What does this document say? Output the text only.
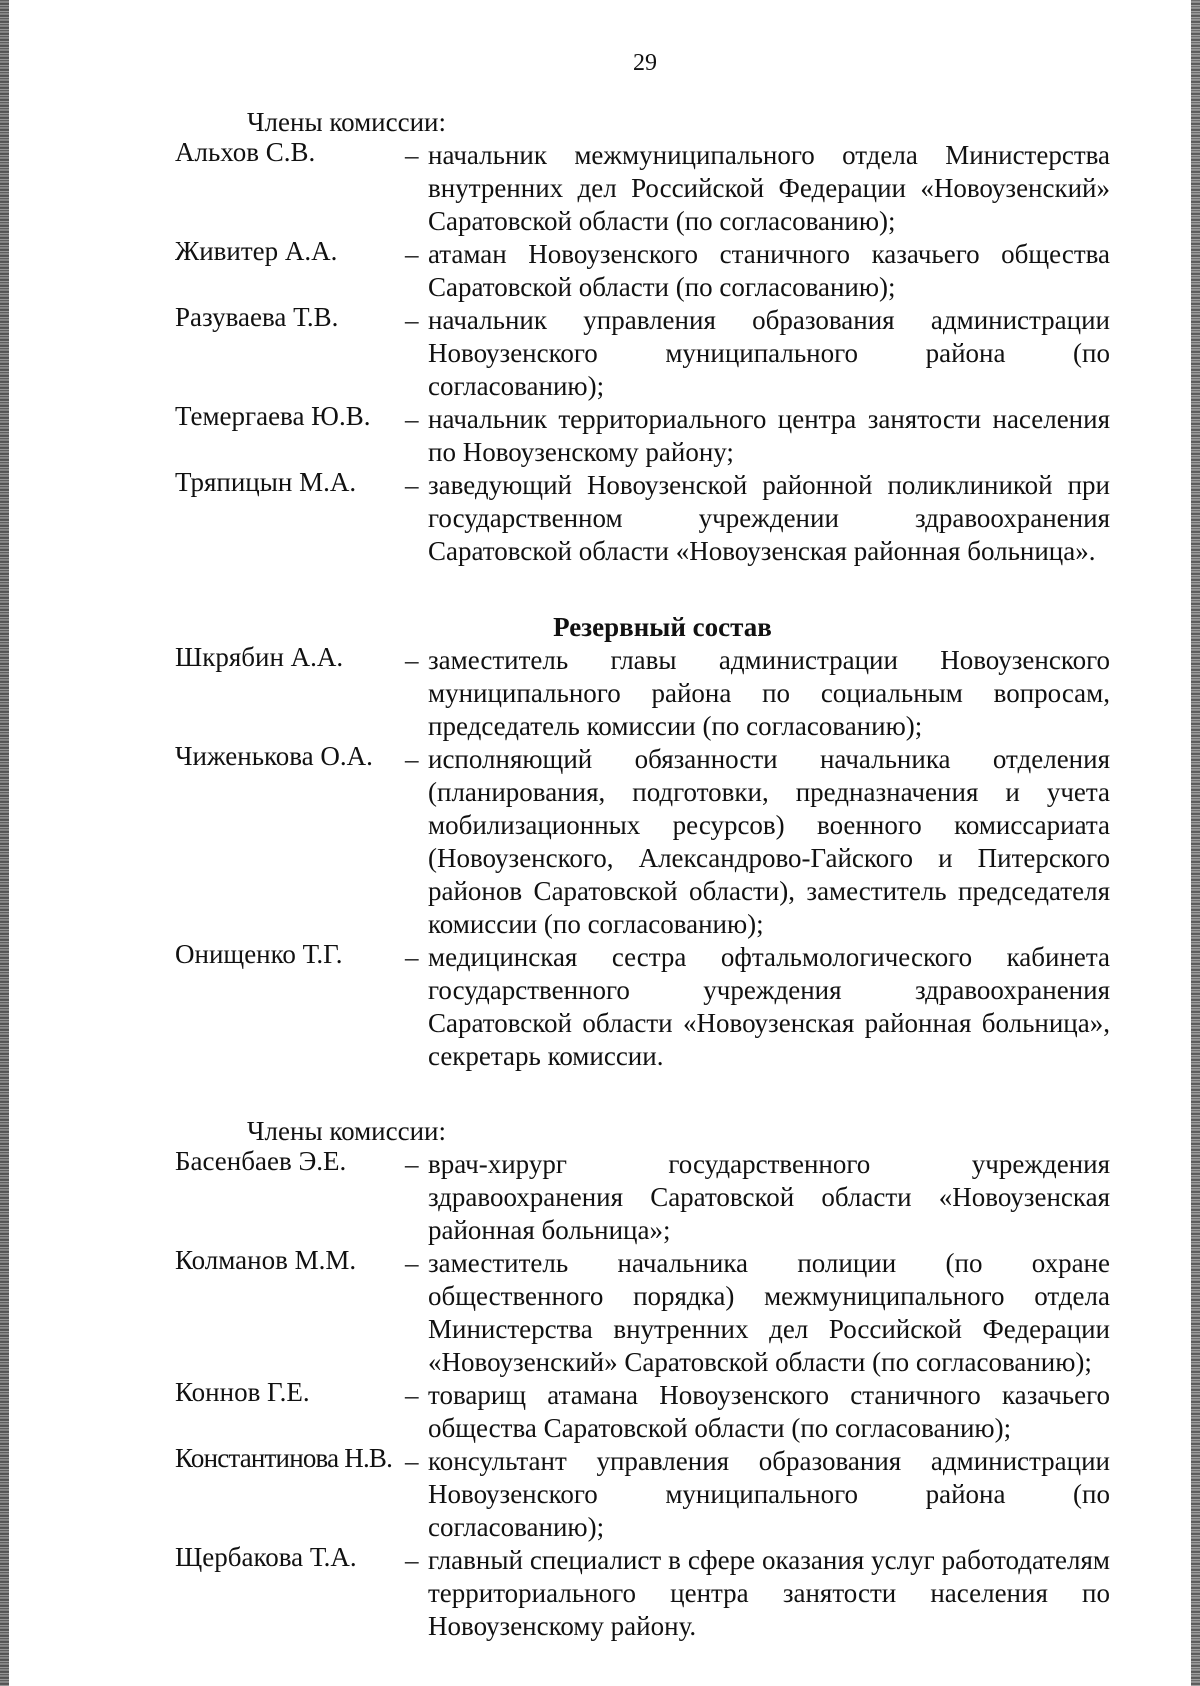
29

Члены комиссии:

Альхов С.В.	– начальник межмуниципального отдела Министерства внутренних дел Российской Федерации «Новоузенский» Саратовской области (по согласованию);
Живитер А.А.	– атаман Новоузенского станичного казачьего общества Саратовской области (по согласованию);
Разуваева Т.В.	– начальник управления образования администрации Новоузенского муниципального района (по согласованию);
Темергаева Ю.В.	– начальник территориального центра занятости населения по Новоузенскому району;
Тряпицын М.А.	– заведующий Новоузенской районной поликлиникой при государственном учреждении здравоохранения Саратовской области «Новоузенская районная больница».

Резервный состав

Шкрябин А.А.	– заместитель главы администрации Новоузенского муниципального района по социальным вопросам, председатель комиссии (по согласованию);
Чиженькова О.А.	– исполняющий обязанности начальника отделения (планирования, подготовки, предназначения и учета мобилизационных ресурсов) военного комиссариата (Новоузенского, Александрово-Гайского и Питерского районов Саратовской области), заместитель председателя комиссии (по согласованию);
Онищенко Т.Г.	– медицинская сестра офтальмологического кабинета государственного учреждения здравоохранения Саратовской области «Новоузенская районная больница», секретарь комиссии.

Члены комиссии:

Басенбаев Э.Е.	– врач-хирург государственного учреждения здравоохранения Саратовской области «Новоузенская районная больница»;
Колманов М.М.	– заместитель начальника полиции (по охране общественного порядка) межмуниципального отдела Министерства внутренних дел Российской Федерации «Новоузенский» Саратовской области (по согласованию);
Коннов Г.Е.	– товарищ атамана Новоузенского станичного казачьего общества Саратовской области (по согласованию);
Константинова Н.В. – консультант управления образования администрации Новоузенского муниципального района (по согласованию);
Щербакова Т.А.	– главный специалист в сфере оказания услуг работодателям территориального центра занятости населения по Новоузенскому району.
